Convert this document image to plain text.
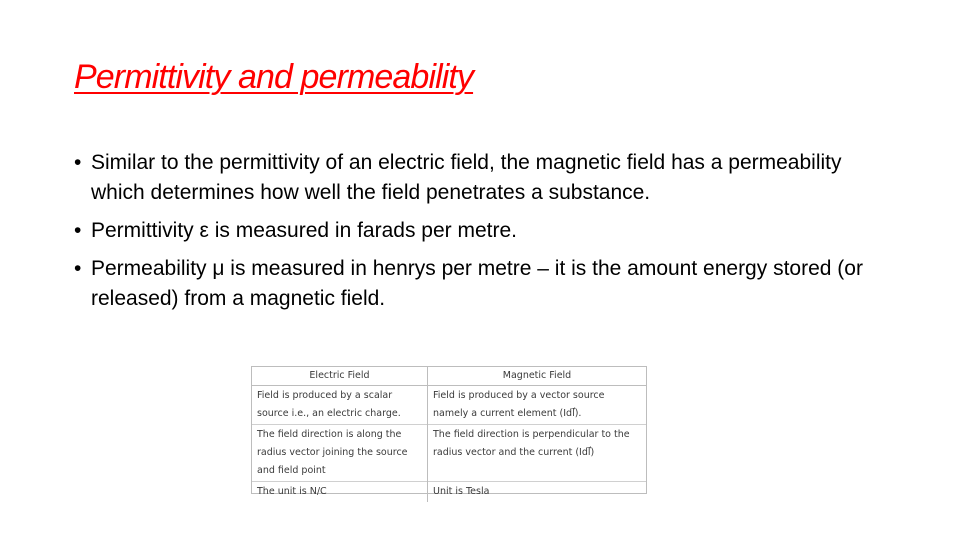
Permittivity and permeability
• Similar to the permittivity of an electric field, the magnetic field has a permeability which determines how well the field penetrates a substance.
• Permittivity ε is measured in farads per metre.
• Permeability μ is measured in henrys per metre – it is the amount energy stored (or released) from a magnetic field.
Electric Field	Magnetic Field
Field is produced by a scalar source i.e., an electric charge.	Field is produced by a vector source namely a current element (Idl⃗).
The field direction is along the radius vector joining the source and field point	The field direction is perpendicular to the radius vector and the current (Idl⃗)
The unit is N/C	Unit is Tesla
